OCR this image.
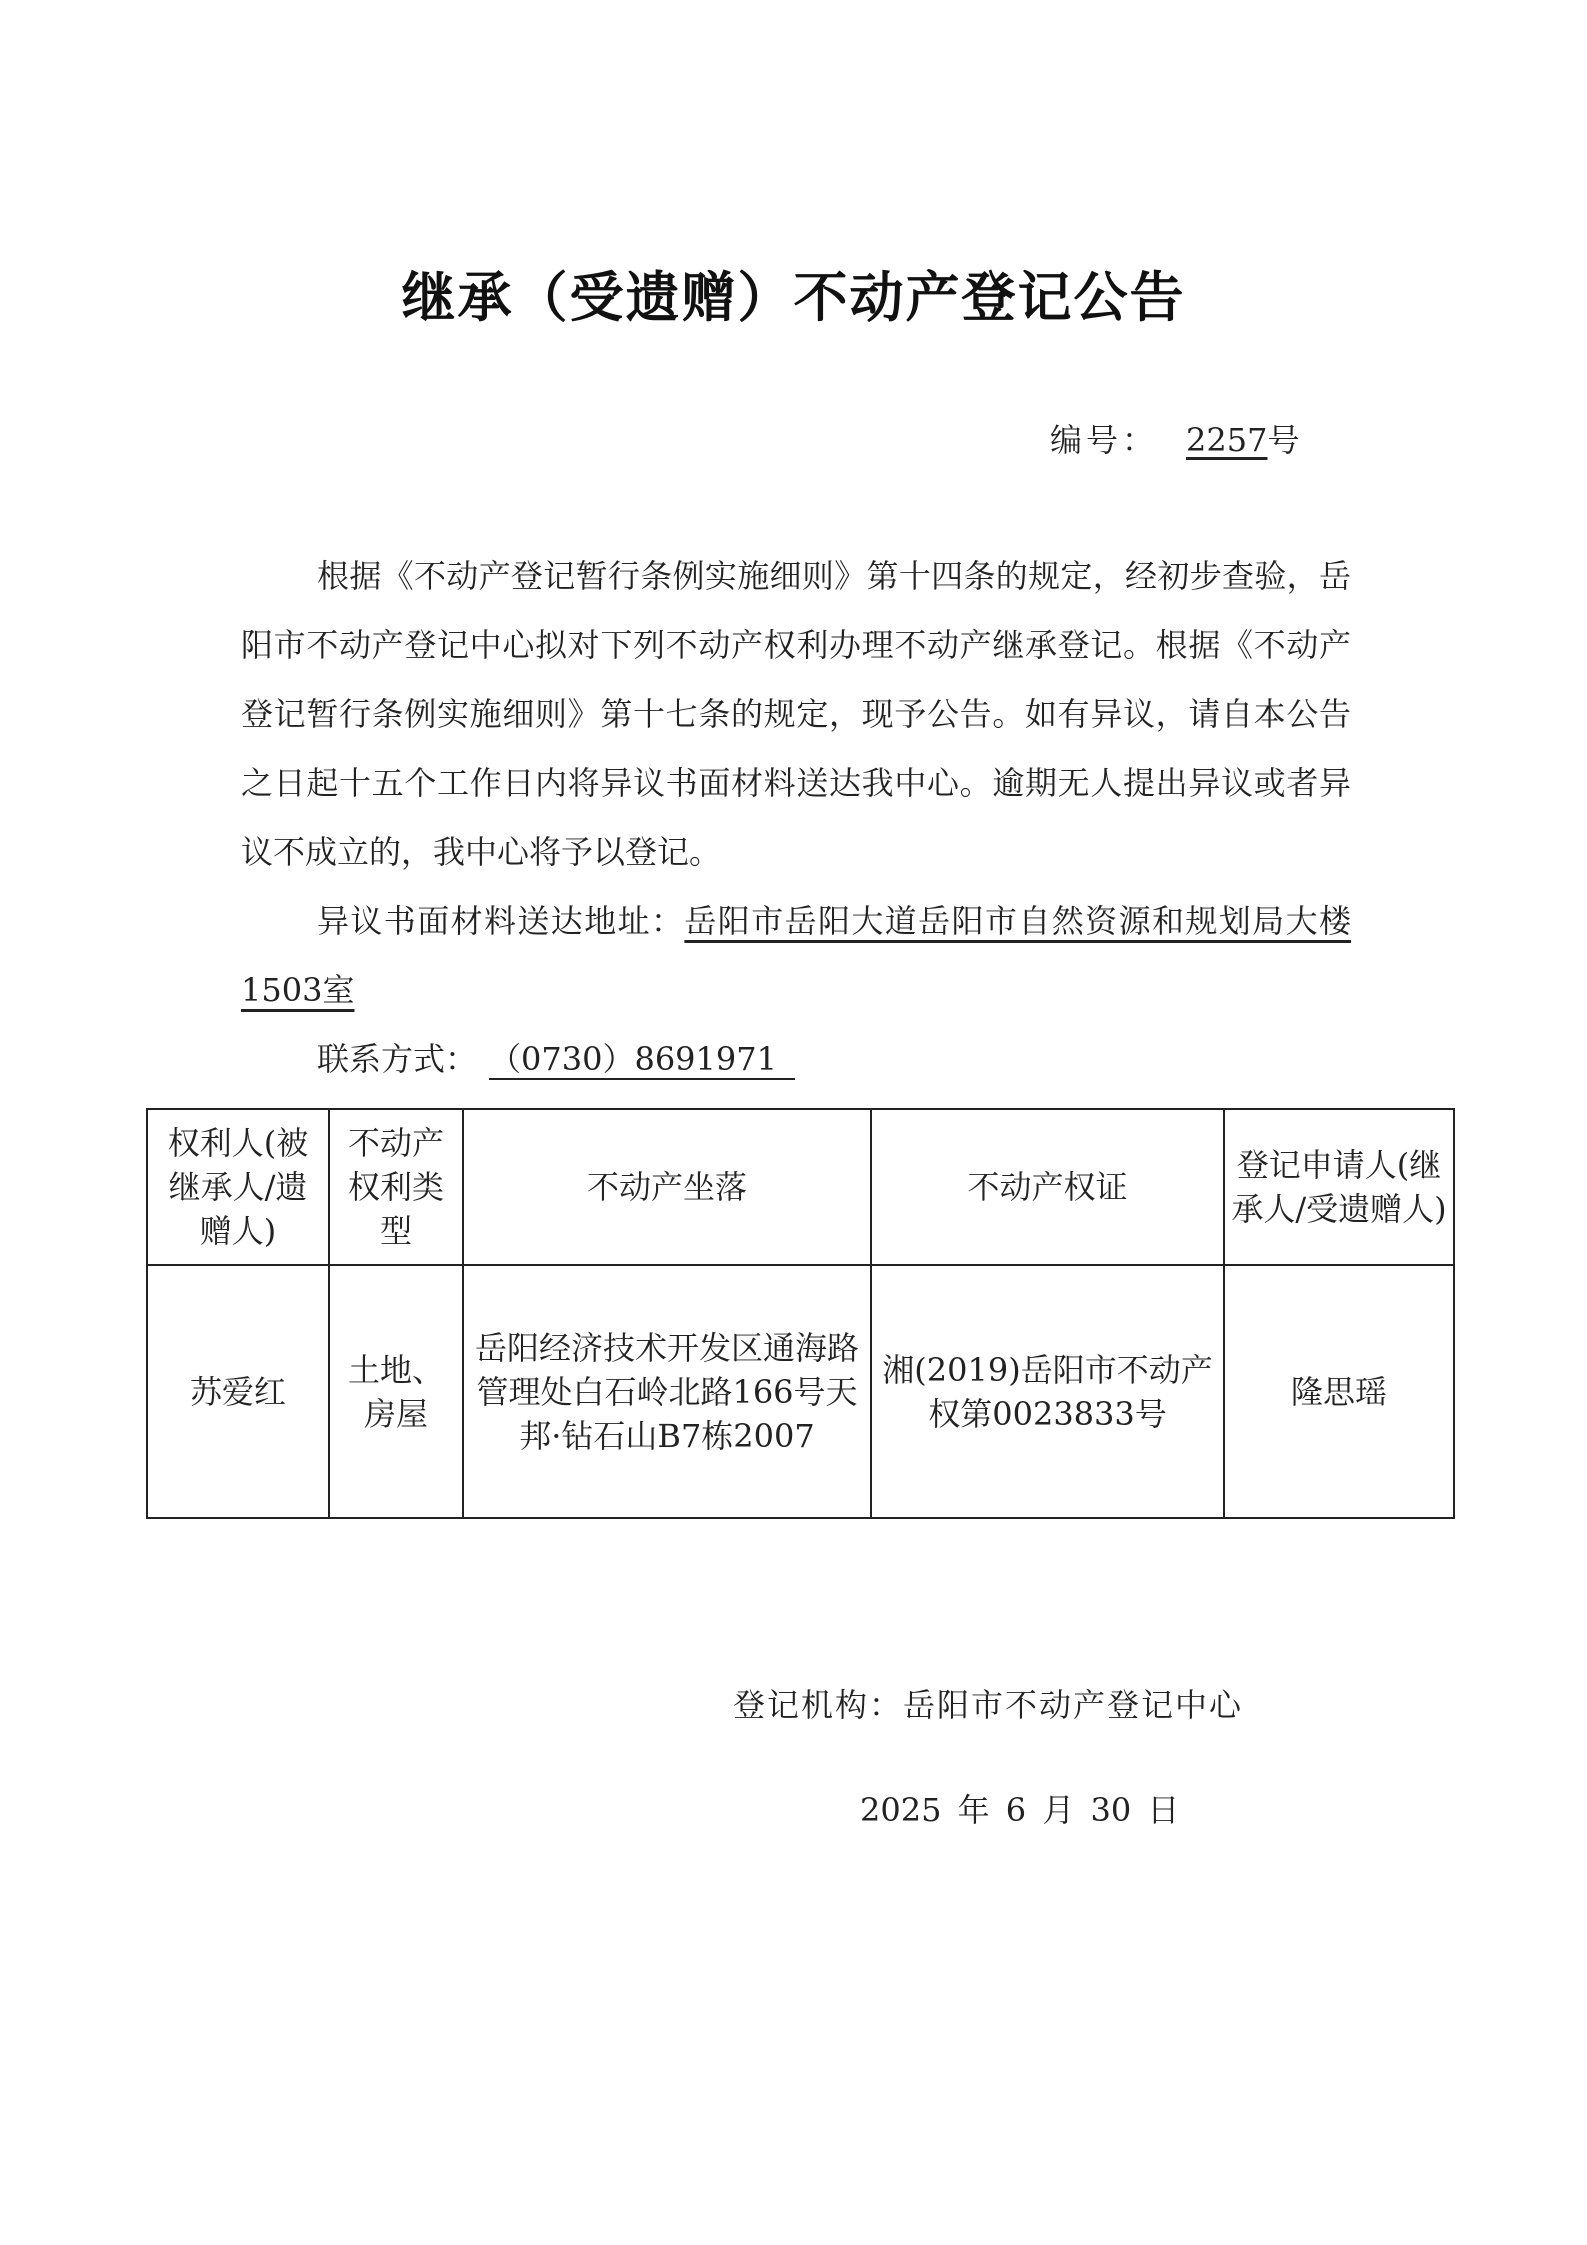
继承（受遗赠）不动产登记公告
编号： 2257号

根据《不动产登记暂行条例实施细则》第十四条的规定，经初步查验，岳阳市不动产登记中心拟对下列不动产权利办理不动产继承登记。根据《不动产登记暂行条例实施细则》第十七条的规定，现予公告。如有异议，请自本公告之日起十五个工作日内将异议书面材料送达我中心。逾期无人提出异议或者异议不成立的，我中心将予以登记。

异议书面材料送达地址：岳阳市岳阳大道岳阳市自然资源和规划局大楼1503室

联系方式： （0730）8691971

权利人(被继承人/遗赠人)	不动产权利类型	不动产坐落	不动产权证	登记申请人(继承人/受遗赠人)
苏爱红	土地、房屋	岳阳经济技术开发区通海路管理处白石岭北路166号天邦·钻石山B7栋2007	湘(2019)岳阳市不动产权第0023833号	隆思瑶
登记机构：岳阳市不动产登记中心
2025 年 6 月 30 日
